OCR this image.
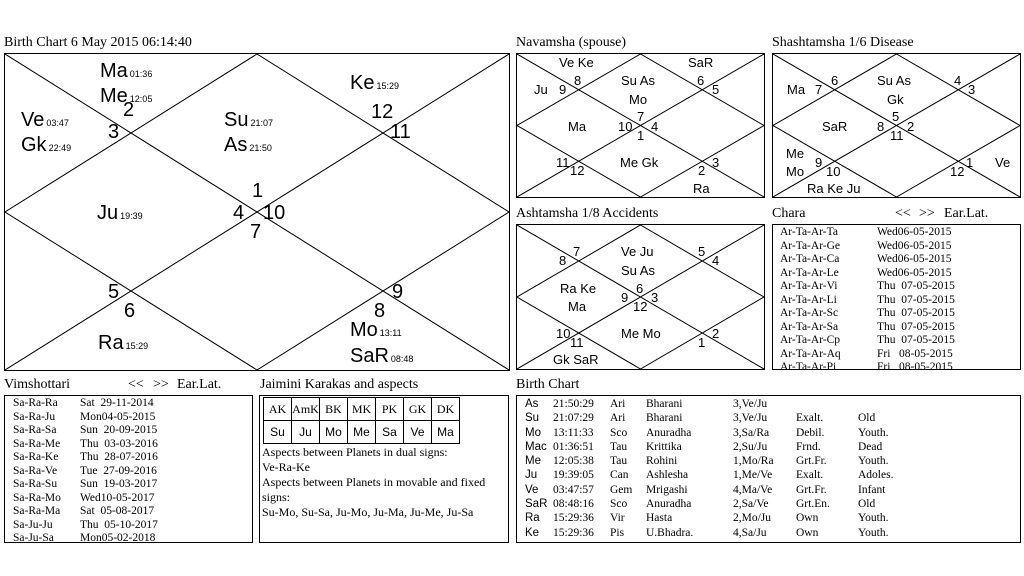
Birth Chart 6 May 2015 06:14:40
1
2
3
4
5
6
7
8
9
10
11
12
Ma 01:36
Me 12:05
Ke 15:29
Ve 03:47
Gk 22:49
Su 21:07
As 21:50
Ju 19:39
Ra 15:29
Mo 13:11
SaR 08:48
Navamsha (spouse)
Ve Ke	SaR
Ju 9
8	Su As
Mo
6
5
7
Ma 10 4
1
11
12
Me Gk
2
3
Ra
Shashtamsha 1/6 Disease
Ma 7
6	Su As
Gk
4
3
SaR 8
5
2
11
Me
Mo
9
10	12
1 Ve
Ra Ke Ju
Ashtamsha 1/8 Accidents
7
8
Ve Ju
Su As
5
4
Ra Ke
Ma
9
6
3
12
10
11
Me Mo
1
2
Gk SaR
Chara	<< >> Ear.Lat.
Ar-Ta-Ar-Ta	Wed06-05-2015
Ar-Ta-Ar-Ge	Wed06-05-2015
Ar-Ta-Ar-Ca	Wed06-05-2015
Ar-Ta-Ar-Le	Wed06-05-2015
Ar-Ta-Ar-Vi	Thu  07-05-2015
Ar-Ta-Ar-Li	Thu  07-05-2015
Ar-Ta-Ar-Sc	Thu  07-05-2015
Ar-Ta-Ar-Sa	Thu  07-05-2015
Ar-Ta-Ar-Cp	Thu  07-05-2015
Ar-Ta-Ar-Aq	Fri   08-05-2015
Ar-Ta-Ar-Pi	Fri   08-05-2015
Vimshottari	<< >> Ear.Lat.
Sa-Ra-Ra	Sat  29-11-2014
Sa-Ra-Ju	Mon04-05-2015
Sa-Ra-Sa	Sun  20-09-2015
Sa-Ra-Me	Thu  03-03-2016
Sa-Ra-Ke	Thu  28-07-2016
Sa-Ra-Ve	Tue  27-09-2016
Sa-Ra-Su	Sun  19-03-2017
Sa-Ra-Mo	Wed10-05-2017
Sa-Ra-Ma	Sat  05-08-2017
Sa-Ju-Ju	Thu  05-10-2017
Sa-Ju-Sa	Mon05-02-2018
Jaimini Karakas and aspects
AK	AmK	BK	MK	PK	GK	DK
Su	Ju	Mo	Me	Sa	Ve	Ma
Aspects between Planets in dual signs:
Ve-Ra-Ke
Aspects between Planets in movable and fixed signs:
Su-Mo, Su-Sa, Ju-Mo, Ju-Ma, Ju-Me, Ju-Sa
Birth Chart
As	21:50:29	Ari	Bharani	3,Ve/Ju
Su	21:07:29	Ari	Bharani	3,Ve/Ju	Exalt.	Old
Mo	13:11:33	Sco	Anuradha	3,Sa/Ra	Debil.	Youth.
Mac 01:36:51	Tau	Krittika	2,Su/Ju	Frnd.	Dead
Me	12:05:38	Tau	Rohini	1,Mo/Ra	Grt.Fr.	Youth.
Ju	19:39:05	Can	Ashlesha	1,Me/Ve	Exalt.	Adoles.
Ve	03:47:57	Gem	Mrigashi	4,Ma/Ve	Grt.Fr.	Infant
SaR 08:48:16	Sco	Anuradha	2,Sa/Ve	Grt.En.	Old
Ra	15:29:36	Vir	Hasta	2,Mo/Ju	Own	Youth.
Ke	15:29:36	Pis	U.Bhadra.	4,Sa/Ju	Own	Youth.
